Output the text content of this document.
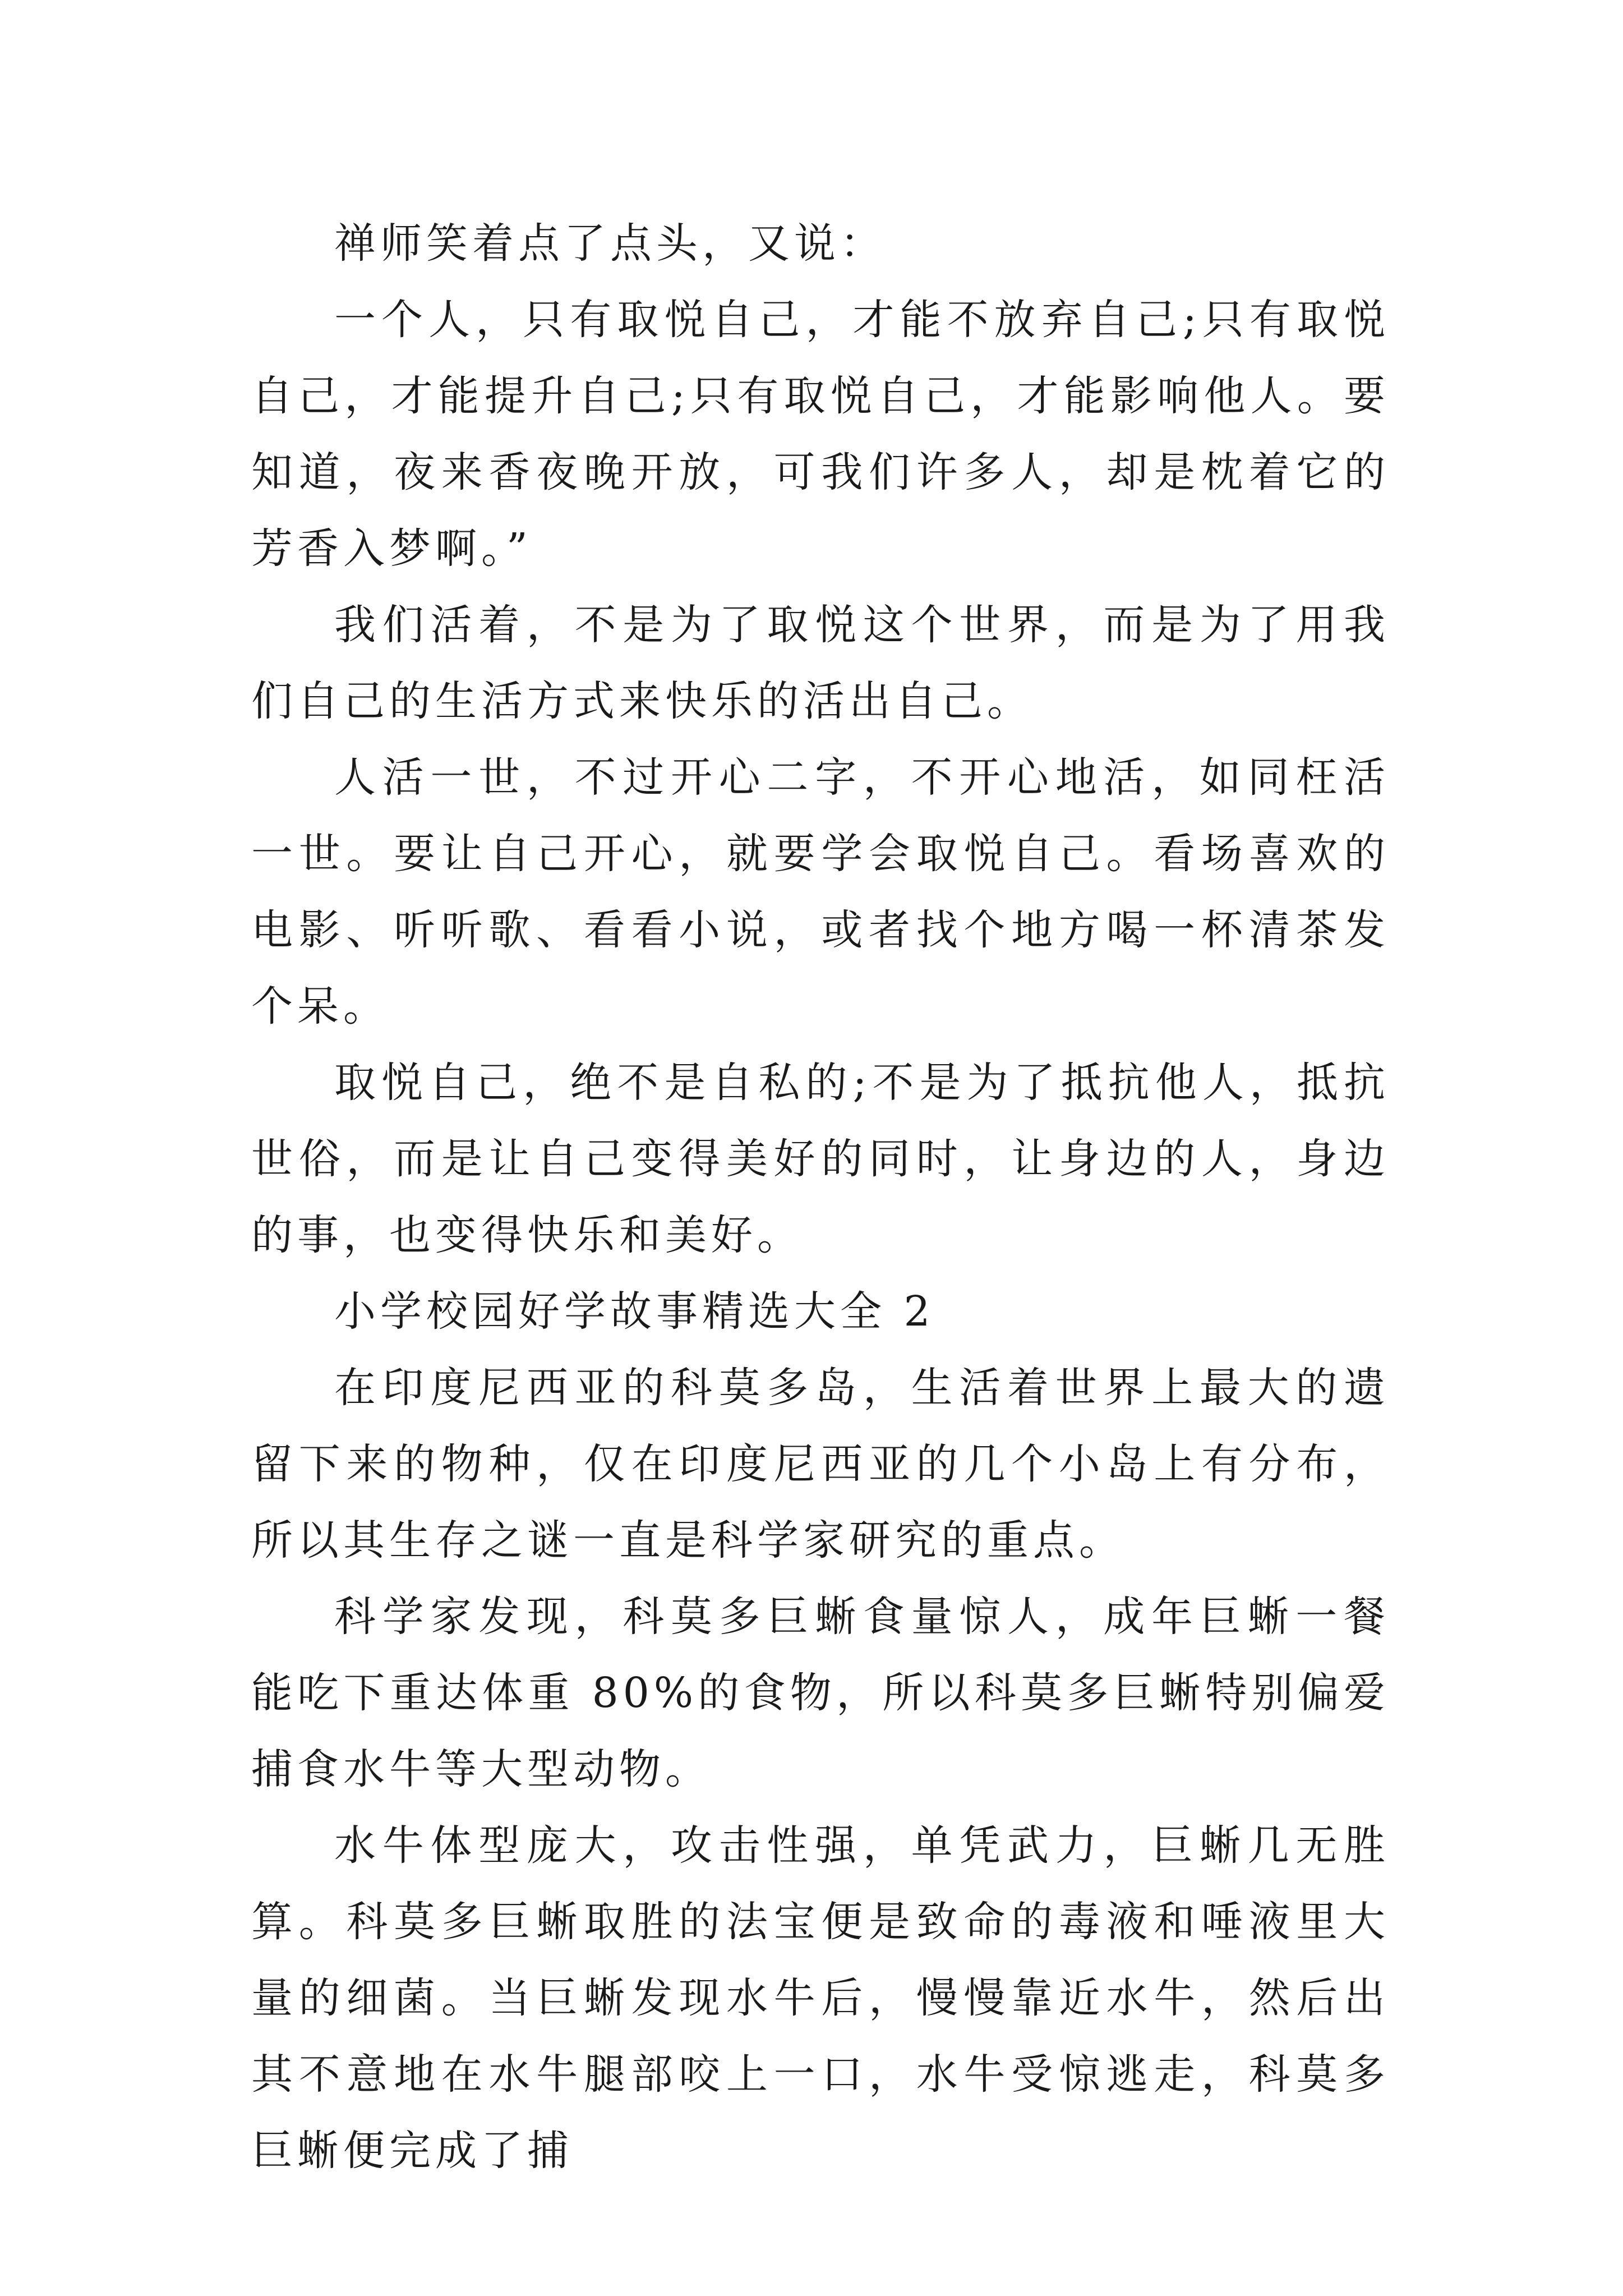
禅师笑着点了点头，又说：

一个人，只有取悦自己，才能不放弃自己;只有取悦自己，才能提升自己;只有取悦自己，才能影响他人。要知道，夜来香夜晚开放，可我们许多人，却是枕着它的芳香入梦啊。”

我们活着，不是为了取悦这个世界，而是为了用我们自己的生活方式来快乐的活出自己。

人活一世，不过开心二字，不开心地活，如同枉活一世。要让自己开心，就要学会取悦自己。看场喜欢的电影、听听歌、看看小说，或者找个地方喝一杯清茶发个呆。

取悦自己，绝不是自私的;不是为了抵抗他人，抵抗世俗，而是让自己变得美好的同时，让身边的人，身边的事，也变得快乐和美好。

小学校园好学故事精选大全 2

在印度尼西亚的科莫多岛，生活着世界上最大的遗留下来的物种，仅在印度尼西亚的几个小岛上有分布，所以其生存之谜一直是科学家研究的重点。

科学家发现，科莫多巨蜥食量惊人，成年巨蜥一餐能吃下重达体重 80%的食物，所以科莫多巨蜥特别偏爱捕食水牛等大型动物。

水牛体型庞大，攻击性强，单凭武力，巨蜥几无胜算。科莫多巨蜥取胜的法宝便是致命的毒液和唾液里大量的细菌。当巨蜥发现水牛后，慢慢靠近水牛，然后出其不意地在水牛腿部咬上一口，水牛受惊逃走，科莫多巨蜥便完成了捕
